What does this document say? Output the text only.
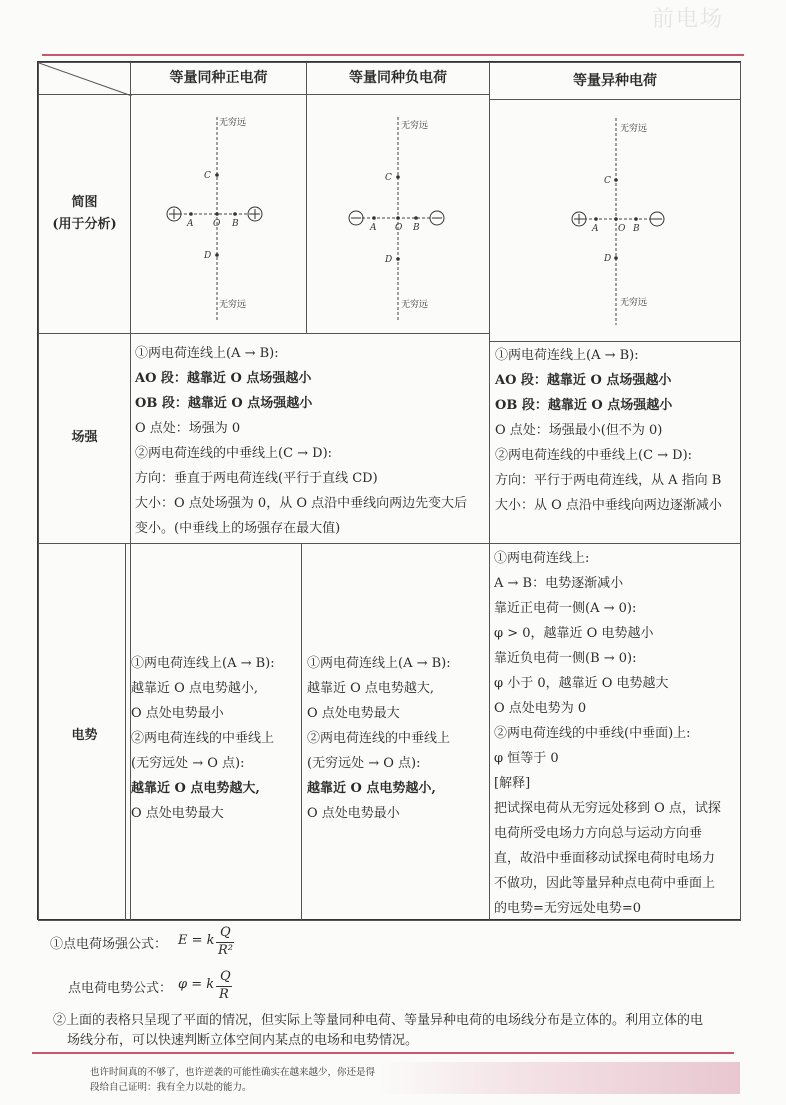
前电场
等量同种正电荷	等量同种负电荷	等量异种电荷
简图
(用于分析)
无穷远
无穷远
C
D
A O B
无穷远
无穷远
C
D
A O B
无穷远
无穷远
C
D
A O B
场强
①两电荷连线上(A → B):
AO 段：越靠近 O 点场强越小
OB 段：越靠近 O 点场强越小
O 点处：场强为 0
②两电荷连线的中垂线上(C → D):
方向：垂直于两电荷连线(平行于直线 CD)
大小：O 点处场强为 0，从 O 点沿中垂线向两边先变大后
变小。(中垂线上的场强存在最大值)
①两电荷连线上(A → B):
AO 段：越靠近 O 点场强越小
OB 段：越靠近 O 点场强越小
O 点处：场强最小(但不为 0)
②两电荷连线的中垂线上(C → D):
方向：平行于两电荷连线，从 A 指向 B
大小：从 O 点沿中垂线向两边逐渐减小
电势
①两电荷连线上(A → B):
越靠近 O 点电势越小,
O 点处电势最小
②两电荷连线的中垂线上
(无穷远处 → O 点):
越靠近 O 点电势越大,
O 点处电势最大
①两电荷连线上(A → B):
越靠近 O 点电势越大,
O 点处电势最大
②两电荷连线的中垂线上
(无穷远处 → O 点):
越靠近 O 点电势越小,
O 点处电势最小
①两电荷连线上:
A → B：电势逐渐减小
靠近正电荷一侧(A → 0):
φ > 0，越靠近 O 电势越小
靠近负电荷一侧(B → 0):
φ 小于 0，越靠近 O 电势越大
O 点处电势为 0
②两电荷连线的中垂线(中垂面)上:
φ 恒等于 0
[解释]
把试探电荷从无穷远处移到 O 点，试探
电荷所受电场力方向总与运动方向垂
直，故沿中垂面移动试探电荷时电场力
不做功，因此等量异种点电荷中垂面上
的电势=无穷远处电势=0
①点电荷场强公式： E = k
Q
R²
点电荷电势公式： φ = k
Q
R
②上面的表格只呈现了平面的情况，但实际上等量同种电荷、等量异种电荷的电场线分布是立体的。利用立体的电
场线分布，可以快速判断立体空间内某点的电场和电势情况。
也许时间真的不够了，也许逆袭的可能性确实在越来越少，你还是得
段给自己证明：我有全力以赴的能力。
